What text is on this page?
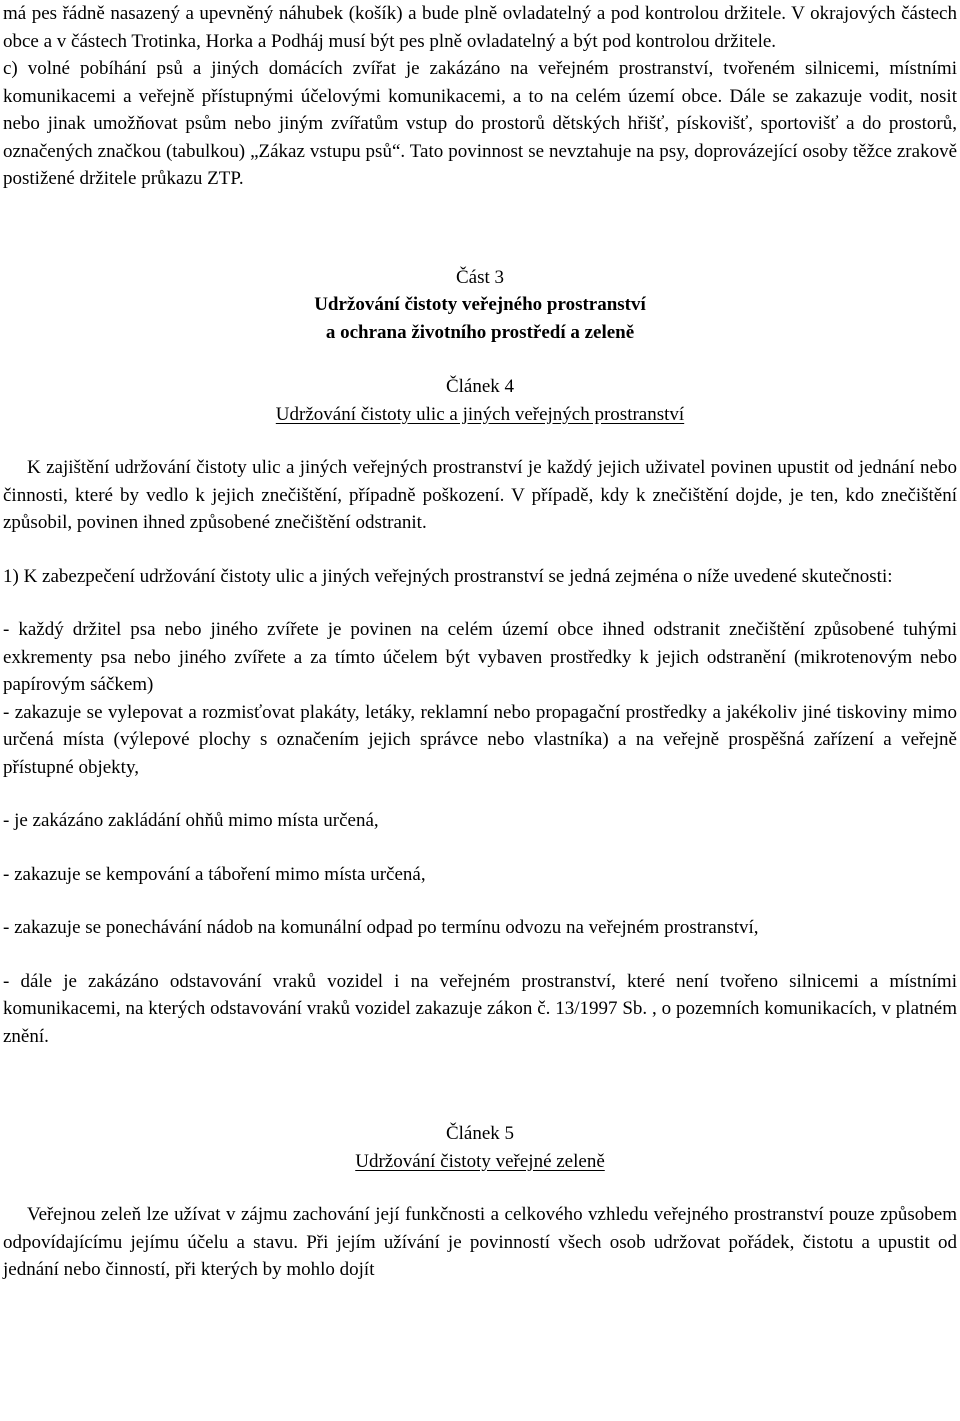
má pes řádně nasazený a upevněný náhubek (košík) a bude plně ovladatelný a pod kontrolou držitele. V okrajových částech obce a v částech Trotinka, Horka a Podháj musí být pes plně ovladatelný a být pod kontrolou držitele.

c) volné pobíhání psů a jiných domácích zvířat je zakázáno na veřejném prostranství, tvořeném silnicemi, místními komunikacemi a veřejně přístupnými účelovými komunikacemi, a to na celém území obce. Dále se zakazuje vodit, nosit nebo jinak umožňovat psům nebo jiným zvířatům vstup do prostorů dětských hřišť, pískovišť, sportovišť a do prostorů, označených značkou (tabulkou) „Zákaz vstupu psů“. Tato povinnost se nevztahuje na psy, doprovázející osoby těžce zrakově postižené držitele průkazu ZTP.

Část 3

Udržování čistoty veřejného prostranství

a ochrana životního prostředí a zeleně

Článek 4

Udržování čistoty ulic a jiných veřejných prostranství

K zajištění udržování čistoty ulic a jiných veřejných prostranství je každý jejich uživatel povinen upustit od jednání nebo činnosti, které by vedlo k jejich znečištění, případně poškození. V případě, kdy k znečištění dojde, je ten, kdo znečištění způsobil, povinen ihned způsobené znečištění odstranit.

1) K zabezpečení udržování čistoty ulic a jiných veřejných prostranství se jedná zejména o níže uvedené skutečnosti:

- každý držitel psa nebo jiného zvířete je povinen na celém území obce ihned odstranit znečištění způsobené tuhými exkrementy psa nebo jiného zvířete a za tímto účelem být vybaven prostředky k jejich odstranění (mikrotenovým nebo papírovým sáčkem)

- zakazuje se vylepovat a rozmisťovat plakáty, letáky, reklamní nebo propagační prostředky a jakékoliv jiné tiskoviny mimo určená místa (výlepové plochy s označením jejich správce nebo vlastníka) a na veřejně prospěšná zařízení a veřejně přístupné objekty,

- je zakázáno zakládání ohňů mimo místa určená,

- zakazuje se kempování a táboření mimo místa určená,

- zakazuje se ponechávání nádob na komunální odpad po termínu odvozu na veřejném prostranství,

- dále je zakázáno odstavování vraků vozidel i na veřejném prostranství, které není tvořeno silnicemi a místními komunikacemi, na kterých odstavování vraků vozidel zakazuje zákon č. 13/1997 Sb. , o pozemních komunikacích, v platném znění.

Článek 5

Udržování čistoty veřejné zeleně

Veřejnou zeleň lze užívat v zájmu zachování její funkčnosti a celkového vzhledu veřejného prostranství pouze způsobem odpovídajícímu jejímu účelu a stavu. Při jejím užívání je povinností všech osob udržovat pořádek, čistotu a upustit od jednání nebo činností, při kterých by mohlo dojít
